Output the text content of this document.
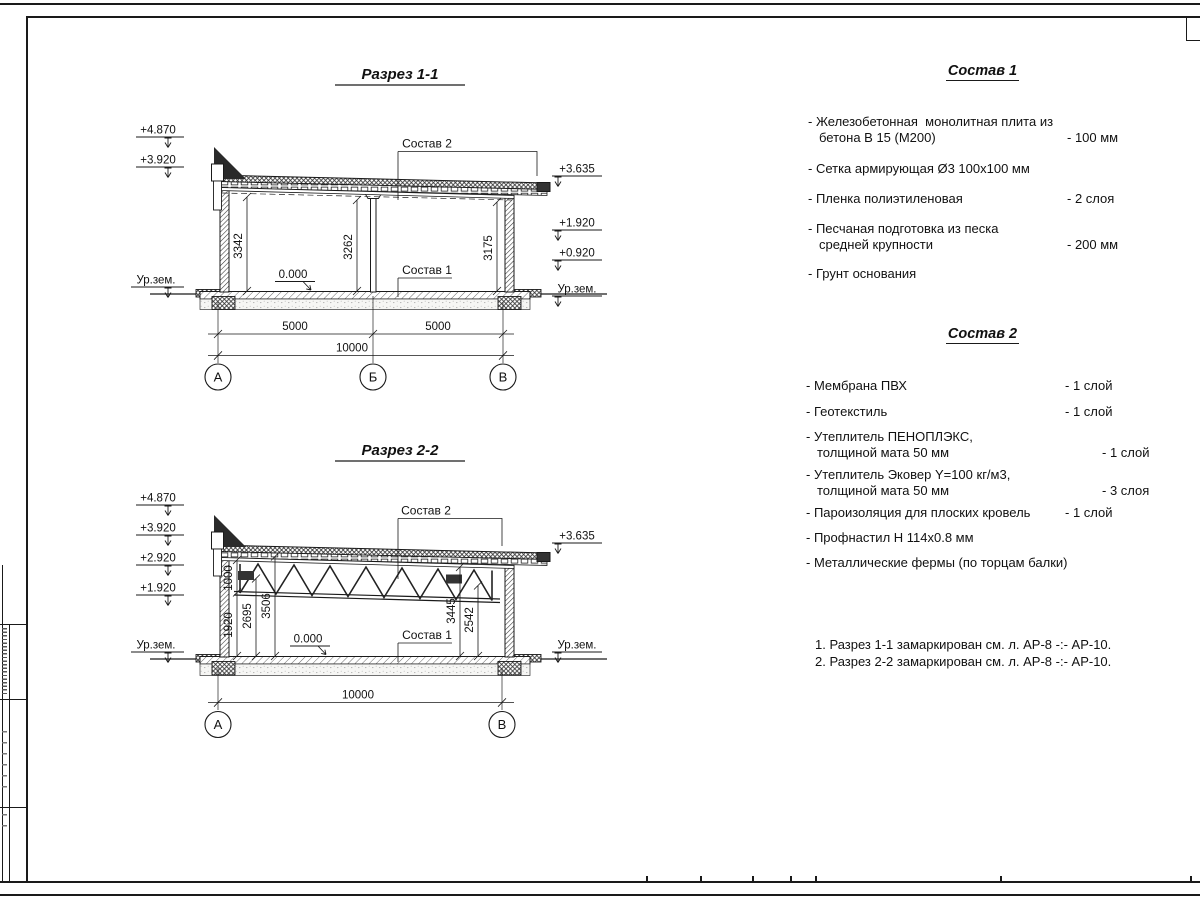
Разрез 1-1
3342	3262	3175
0.000	Состав 1
Состав 2
5000	5000
10000
А	Б	В
+4.870
+3.920
Ур.зем.
+3.635
+1.920
+0.920
Ур.зем.
Разрез 2-2
1000
1920 2695 3506	3445 2542
0.000	Состав 1
Состав 2
10000
А	В
+4.870
+3.920
+2.920
+1.920
Ур.зем.
+3.635
Ур.зем.
Состав 1
- Железобетонная  монолитная плита из бетона В 15 (М200)	- 100 мм
- Сетка армирующая Ø3 100х100 мм
- Пленка полиэтиленовая	- 2 слоя
- Песчаная подготовка из песка средней крупности	- 200 мм
- Грунт основания
Состав 2
- Мембрана ПВХ	- 1 слой
- Геотекстиль	- 1 слой
- Утеплитель ПЕНОПЛЭКС, толщиной мата 50 мм	- 1 слой
- Утеплитель Эковер Y=100 кг/м3, толщиной мата 50 мм	- 3 слоя
- Пароизоляция для плоских кровель	- 1 слой
- Профнастил Н 114х0.8 мм
- Металлические фермы (по торцам балки)
1. Разрез 1-1 замаркирован см. л. АР-8 -:- АР-10.
2. Разрез 2-2 замаркирован см. л. АР-8 -:- АР-10.
